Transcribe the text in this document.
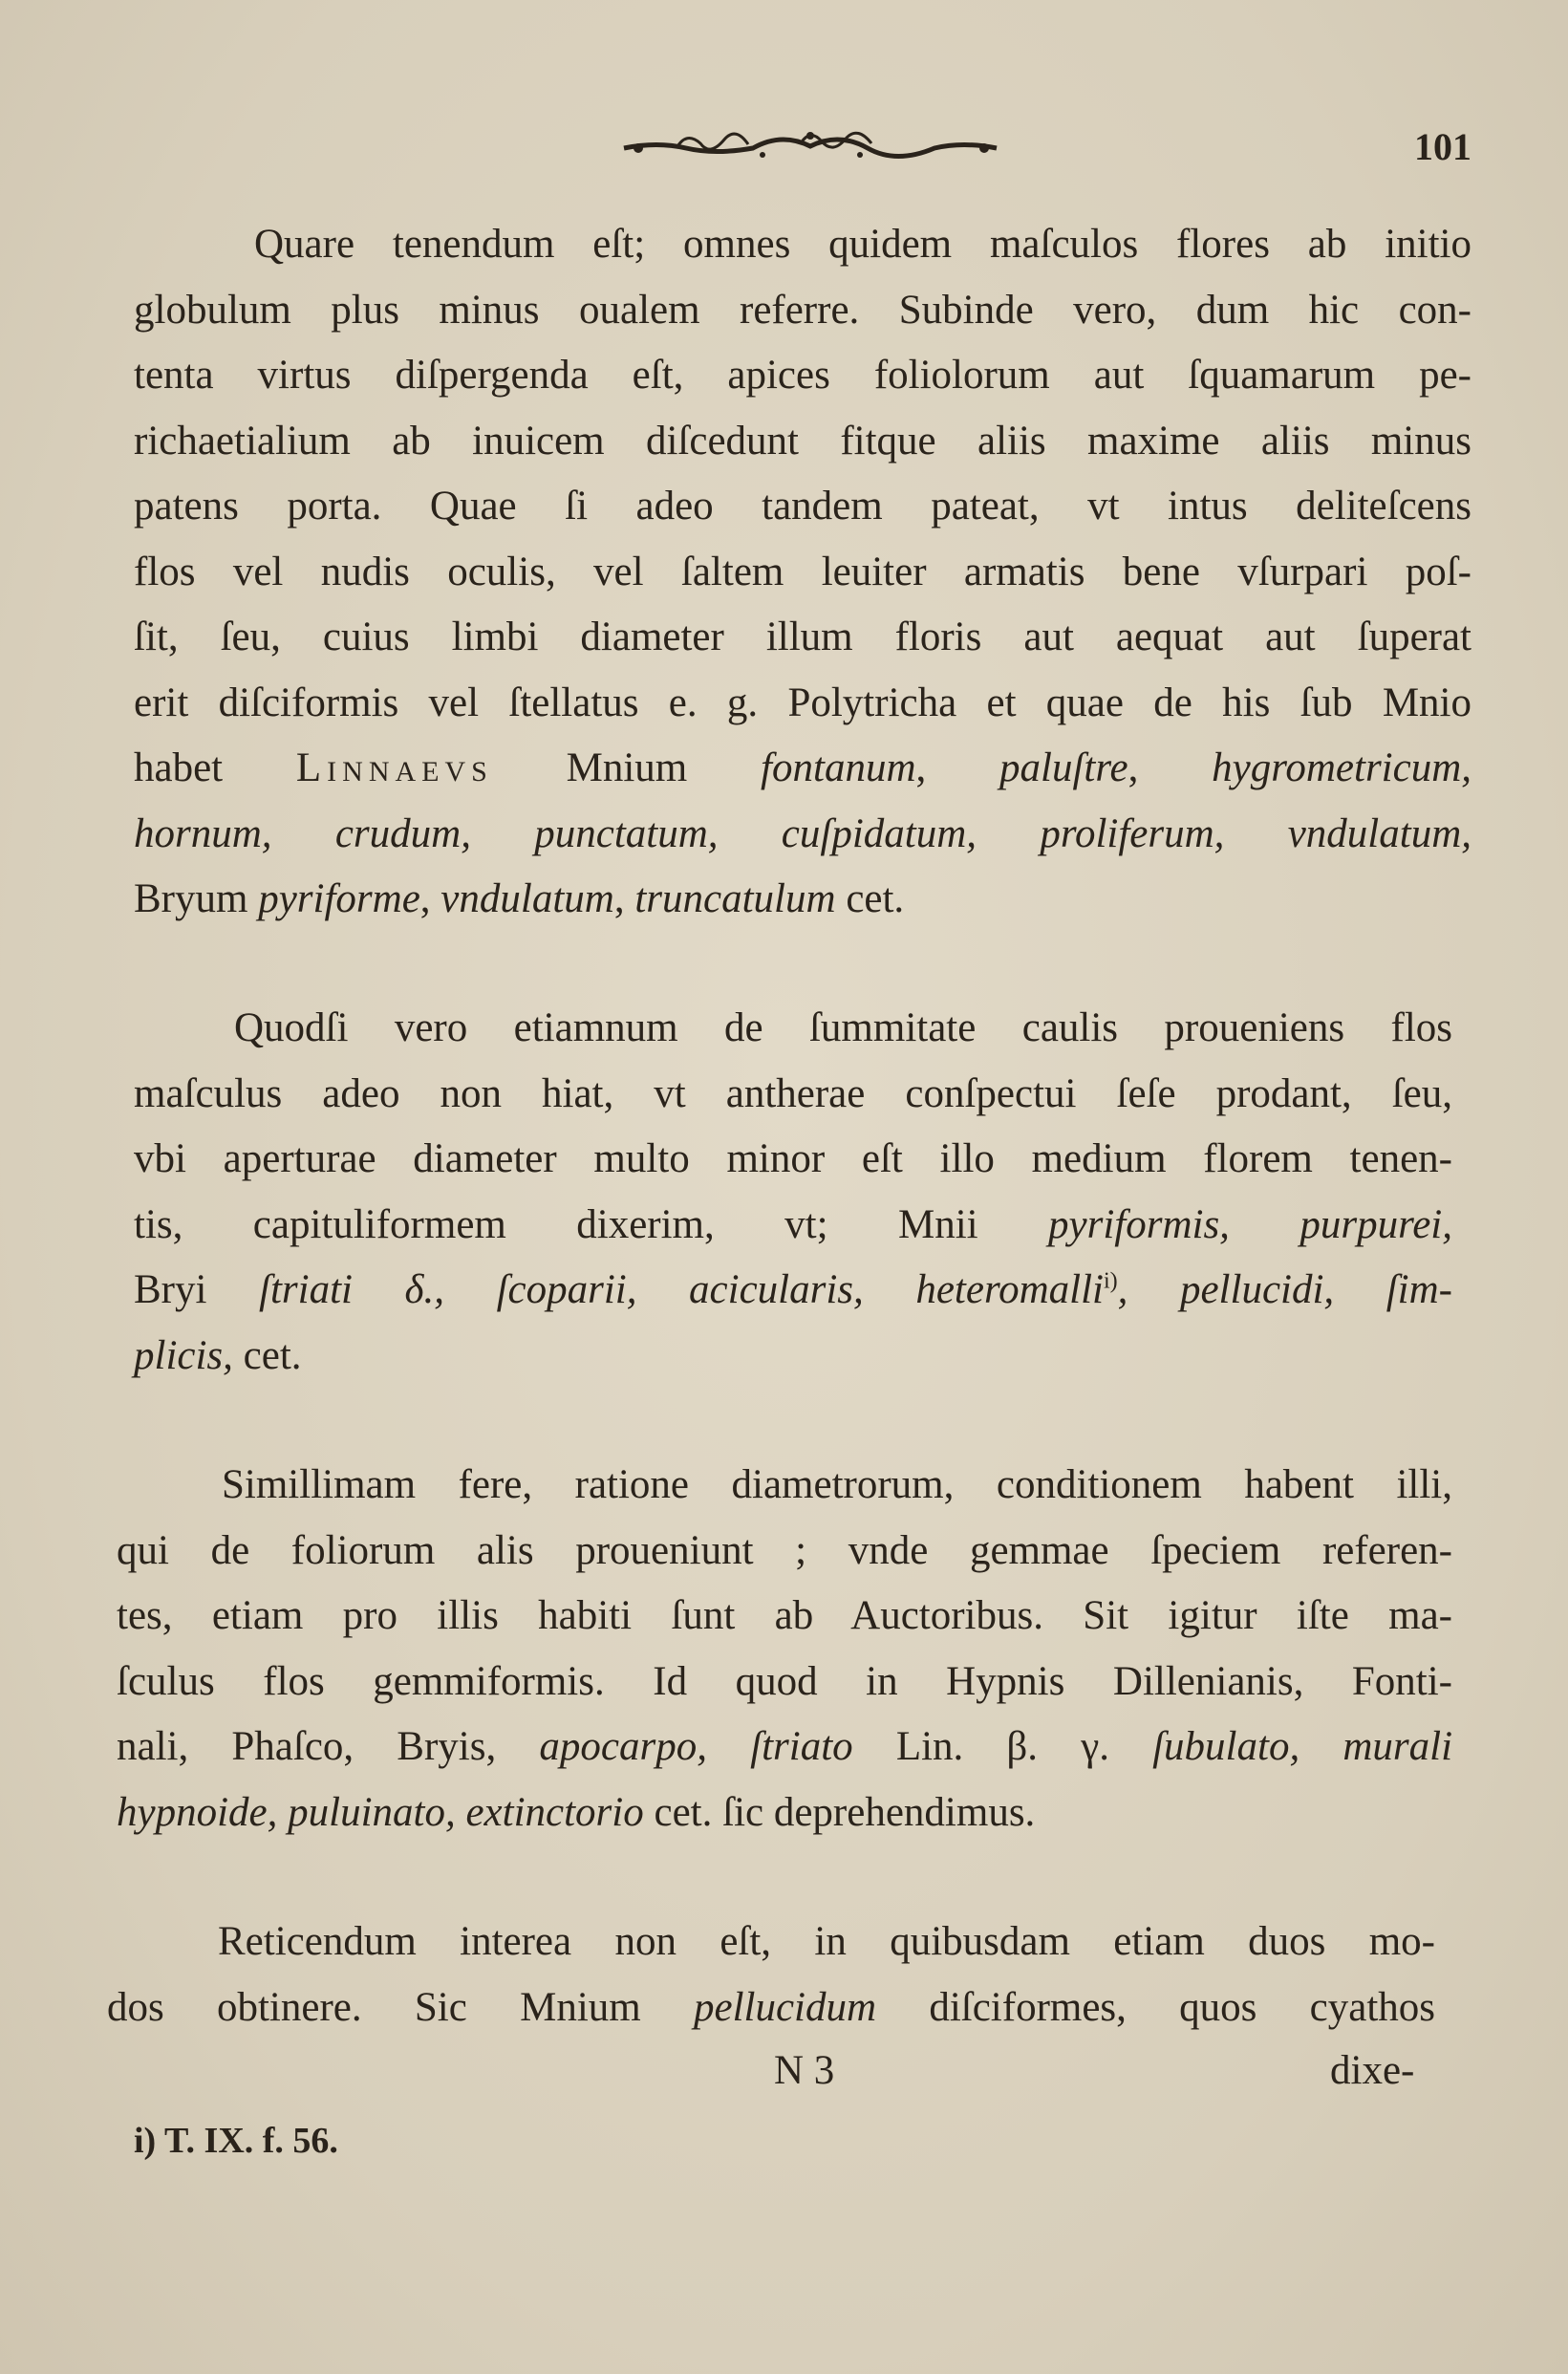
101
Quare tenendum eſt; omnes quidem maſculos flores ab initio
globulum plus minus oualem referre. Subinde vero, dum hic con-
tenta virtus diſpergenda eſt, apices foliolorum aut ſquamarum pe-
richaetialium ab inuicem diſcedunt fitque aliis maxime aliis minus
patens porta. Quae ſi adeo tandem pateat, vt intus deliteſcens
flos vel nudis oculis, vel ſaltem leuiter armatis bene vſurpari poſ-
ſit, ſeu, cuius limbi diameter illum floris aut aequat aut ſuperat
erit diſciformis vel ſtellatus e. g. Polytricha et quae de his ſub Mnio
habet Linnaevs Mnium fontanum, paluſtre, hygrometricum,
hornum, crudum, punctatum, cuſpidatum, proliferum, vndulatum,
Bryum pyriforme, vndulatum, truncatulum cet.
Quodſi vero etiamnum de ſummitate caulis proueniens flos
maſculus adeo non hiat, vt antherae conſpectui ſeſe prodant, ſeu,
vbi aperturae diameter multo minor eſt illo medium florem tenen-
tis, capituliformem dixerim, vt; Mnii pyriformis, purpurei,
Bryi ſtriati δ., ſcoparii, acicularis, heteromalli$^{i)}$, pellucidi, ſim-
plicis, cet.
Simillimam fere, ratione diametrorum, conditionem habent illi,
qui de foliorum alis proueniunt ; vnde gemmae ſpeciem referen-
tes, etiam pro illis habiti ſunt ab Auctoribus. Sit igitur iſte ma-
ſculus flos gemmiformis. Id quod in Hypnis Dillenianis, Fonti-
nali, Phaſco, Bryis, apocarpo, ſtriato Lin. β. γ. ſubulato, murali
hypnoide, puluinato, extinctorio cet. ſic deprehendimus.
Reticendum interea non eſt, in quibusdam etiam duos mo-
dos obtinere. Sic Mnium pellucidum diſciformes, quos cyathos
N 3	dixe-
i) T. IX. f. 56.
